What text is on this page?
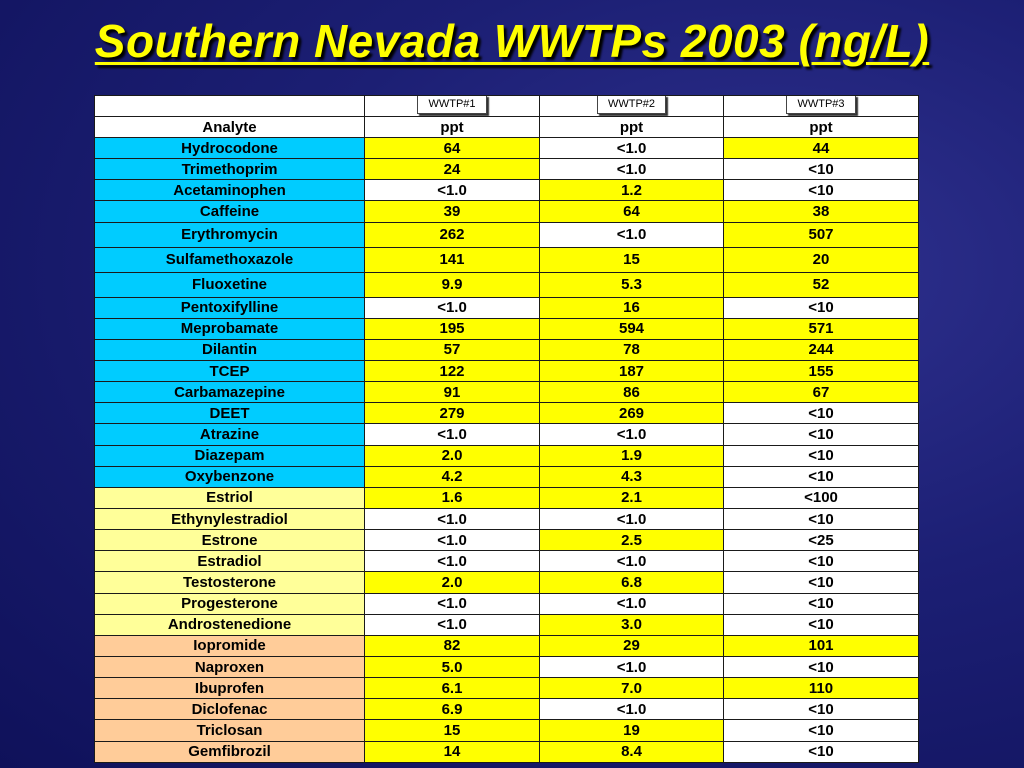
Southern Nevada WWTPs 2003 (ng/L)
	WWTP#1	WWTP#2	WWTP#3
Analyte	ppt	ppt	ppt
Hydrocodone	64	<1.0	44
Trimethoprim	24	<1.0	<10
Acetaminophen	<1.0	1.2	<10
Caffeine	39	64	38
Erythromycin	262	<1.0	507
Sulfamethoxazole	141	15	20
Fluoxetine	9.9	5.3	52
Pentoxifylline	<1.0	16	<10
Meprobamate	195	594	571
Dilantin	57	78	244
TCEP	122	187	155
Carbamazepine	91	86	67
DEET	279	269	<10
Atrazine	<1.0	<1.0	<10
Diazepam	2.0	1.9	<10
Oxybenzone	4.2	4.3	<10
Estriol	1.6	2.1	<100
Ethynylestradiol	<1.0	<1.0	<10
Estrone	<1.0	2.5	<25
Estradiol	<1.0	<1.0	<10
Testosterone	2.0	6.8	<10
Progesterone	<1.0	<1.0	<10
Androstenedione	<1.0	3.0	<10
Iopromide	82	29	101
Naproxen	5.0	<1.0	<10
Ibuprofen	6.1	7.0	110
Diclofenac	6.9	<1.0	<10
Triclosan	15	19	<10
Gemfibrozil	14	8.4	<10
